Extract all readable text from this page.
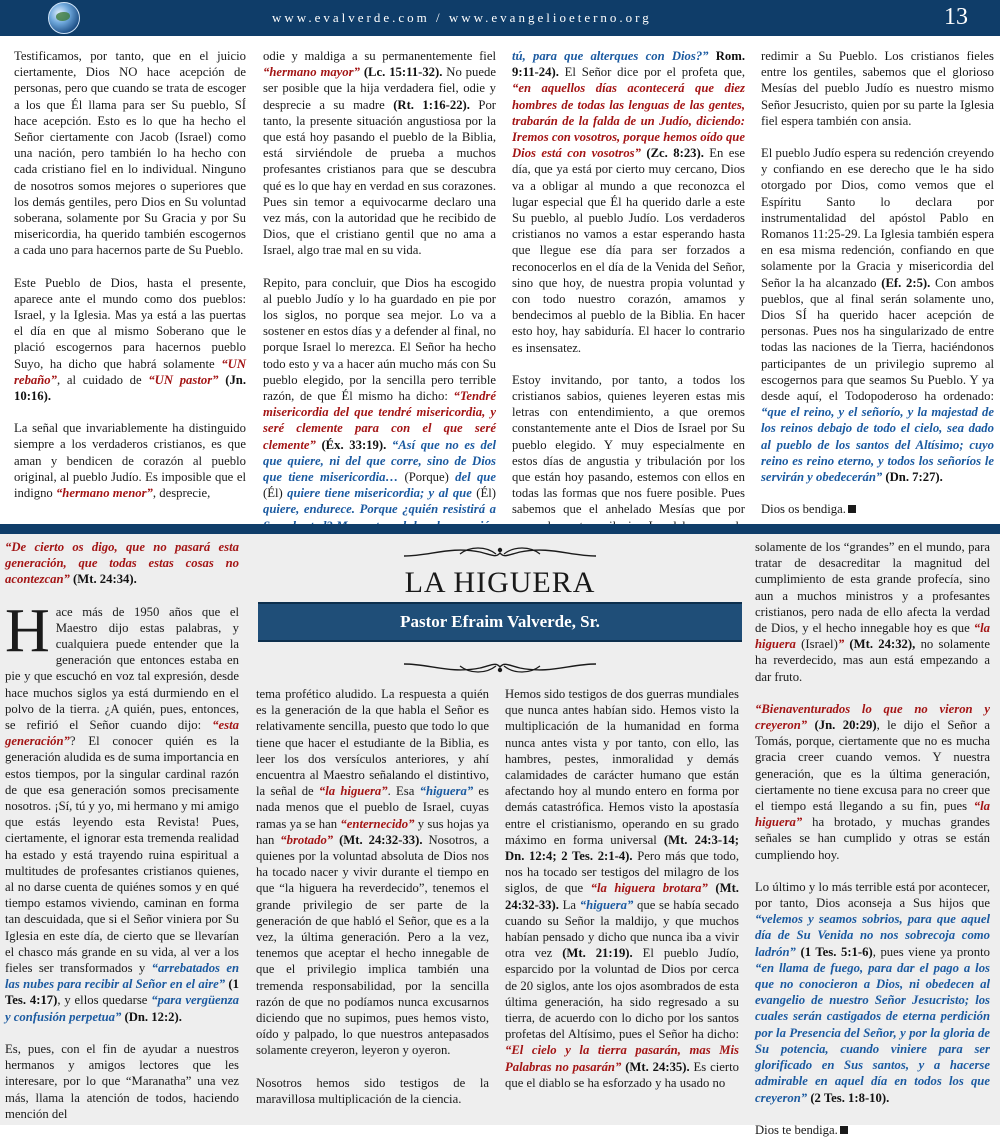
www.evalverde.com / www.evangelioeterno.org	13

Testificamos, por tanto, que en el juicio ciertamente, Dios NO hace acepción de personas, pero que cuando se trata de escoger a los que Él llama para ser Su pueblo, SÍ hace acepción. Esto es lo que ha hecho el Señor ciertamente con Jacob (Israel) como una nación, pero también lo ha hecho con cada cristiano fiel en lo individual. Ninguno de nosotros somos mejores o superiores que los demás gentiles, pero Dios en Su voluntad soberana, solamente por Su Gracia y por Su misericordia, ha querido también escogernos a cada uno para hacernos parte de Su Pueblo.

Este Pueblo de Dios, hasta el presente, aparece ante el mundo como dos pueblos: Israel, y la Iglesia. Mas ya está a las puertas el día en que al mismo Soberano que le plació escogernos para hacernos pueblo Suyo, ha dicho que habrá solamente “UN rebaño”, al cuidado de “UN pastor” (Jn. 10:16).

La señal que invariablemente ha distinguido siempre a los verdaderos cristianos, es que aman y bendicen de corazón al pueblo original, al pueblo Judío. Es imposible que el indigno “hermano menor”, desprecie,

odie y maldiga a su permanentemente fiel “hermano mayor” (Lc. 15:11-32). No puede ser posible que la hija verdadera fiel, odie y desprecie a su madre (Rt. 1:16-22). Por tanto, la presente situación angustiosa por la que está hoy pasando el pueblo de la Biblia, está sirviéndole de prueba a muchos profesantes cristianos para que se descubra qué es lo que hay en verdad en sus corazones. Pues sin temor a equivocarme declaro una vez más, con la autoridad que he recibido de Dios, que el cristiano gentil que no ama a Israel, algo trae mal en su vida.

Repito, para concluir, que Dios ha escogido al pueblo Judío y lo ha guardado en pie por los siglos, no porque sea mejor. Lo va a sostener en estos días y a defender al final, no porque Israel lo merezca. El Señor ha hecho todo esto y va a hacer aún mucho más con Su pueblo elegido, por la sencilla pero terrible razón, de que Él mismo ha dicho: “Tendré misericordia del que tendré misericordia, y seré clemente para con el que seré clemente” (Éx. 33:19). “Así que no es del que quiere, ni del que corre, sino de Dios que tiene misericordia… (Porque) del que (Él) quiere tiene misericordia; y al que (Él) quiere, endurece. Porque ¿quién resistirá a

tú, para que alterques con Dios?” Rom. 9:11-24). El Señor dice por el profeta que, “en aquellos días acontecerá que diez hombres de todas las lenguas de las gentes, trabarán de la falda de un Judío, diciendo: Iremos con vosotros, porque hemos oído que Dios está con vosotros” (Zc. 8:23). En ese día, que ya está por cierto muy cercano, Dios va a obligar al mundo a que reconozca el lugar especial que Él ha querido darle a este Su pueblo, al pueblo Judío. Los verdaderos cristianos no vamos a estar esperando hasta que llegue ese día para ser forzados a reconocerlos en el día de la Venida del Señor, sino que hoy, de nuestra propia voluntad y con todo nuestro corazón, amamos y bendecimos al pueblo de la Biblia. En hacer esto hoy, hay sabiduría. El hacer lo contrario es insensatez.

Estoy invitando, por tanto, a todos los cristianos sabios, quienes leyeren estas mis letras con entendimiento, a que oremos constantemente ante el Dios de Israel por Su pueblo elegido. Y muy especialmente en estos días de angustia y tribulación por los que están hoy pasando, estemos con ellos en todas las formas que nos fuere posible. Pues sabemos que el anhelado Mesías que por

redimir a Su Pueblo. Los cristianos fieles entre los gentiles, sabemos que el glorioso Mesías del pueblo Judío es nuestro mismo Señor Jesucristo, quien por su parte la Iglesia fiel espera también con ansia.

El pueblo Judío espera su redención creyendo y confiando en ese derecho que le ha sido otorgado por Dios, como vemos que el Espíritu Santo lo declara por instrumentalidad del apóstol Pablo en Romanos 11:25-29. La Iglesia también espera en esa misma redención, confiando en que solamente por la Gracia y misericordia del Señor la ha alcanzado (Ef. 2:5). Con ambos pueblos, que al final serán solamente uno, Dios SÍ ha querido hacer acepción de personas. Pues nos ha singularizado de entre todas las naciones de la Tierra, haciéndonos participantes de un privilegio supremo al escogernos para que seamos Su Pueblo. Y ya desde aquí, el Todopoderoso ha ordenado: “que el reino, y el señorío, y la majestad de los reinos debajo de todo el cielo, sea dado al pueblo de los santos del Altísimo; cuyo reino es reino eterno, y todos los señoríos le servirán y obedecerán” (Dn. 7:27).

Dios os bendiga.

LA HIGUERA
Pastor Efraim Valverde, Sr.

“De cierto os digo, que no pasará esta generación, que todas estas cosas no acontezcan” (Mt. 24:34).

Hace más de 1950 años que el Maestro dijo estas palabras, y cualquiera puede entender que la generación que entonces estaba en pie y que escuchó en voz tal expresión, desde hace muchos siglos ya está durmiendo en el polvo de la tierra. ¿A quién, pues, entonces, se refirió el Señor cuando dijo: “esta generación”? El conocer quién es la generación aludida es de suma importancia en estos tiempos, por la singular cardinal razón de que esa generación somos precisamente nosotros. ¡Sí, tú y yo, mi hermano y mi amigo que estás leyendo esta Revista! Pues, ciertamente, el ignorar esta tremenda realidad ha estado y está trayendo ruina espiritual a multitudes de profesantes cristianos quienes, al no darse cuenta de quiénes somos y en qué tiempo estamos viviendo, caminan en forma tan descuidada, que si el Señor viniera por Su Iglesia en este día, de cierto que se llevarían el chasco más grande en su vida, al ver a los fieles ser transformados y “arrebatados en las nubes para recibir al Señor en el aire” (1 Tes. 4:17), y ellos quedarse “para vergüenza y confusión perpetua” (Dn. 12:2).

Es, pues, con el fin de ayudar a nuestros hermanos y amigos lectores que les interesare, por lo que “Maranatha” una vez más, llama la atención de todos, haciendo mención del

tema profético aludido. La respuesta a quién es la generación de la que habla el Señor es relativamente sencilla, puesto que todo lo que tiene que hacer el estudiante de la Biblia, es leer los dos versículos anteriores, y ahí encuentra al Maestro señalando el distintivo, la señal de “la higuera”. Esa “higuera” es nada menos que el pueblo de Israel, cuyas ramas ya se han “enternecido” y sus hojas ya han “brotado” (Mt. 24:32-33). Nosotros, a quienes por la voluntad absoluta de Dios nos ha tocado nacer y vivir durante el tiempo en que “la higuera ha reverdecido”, tenemos el grande privilegio de ser parte de la generación de que habló el Señor, que es a la vez, la última generación. Pero a la vez, tenemos que aceptar el hecho innegable de que el privilegio implica también una tremenda responsabilidad, por la sencilla razón de que no podíamos nunca excusarnos diciendo que no supimos, pues hemos visto, oído y palpado, lo que nuestros antepasados solamente creyeron, leyeron y oyeron.

Nosotros hemos sido testigos de la maravillosa multiplicación de la ciencia.

Hemos sido testigos de dos guerras mundiales que nunca antes habían sido. Hemos visto la multiplicación de la humanidad en forma nunca antes vista y por tanto, con ello, las hambres, pestes, inmoralidad y demás calamidades de carácter humano que están afectando hoy al mundo entero en forma por demás catastrófica. Hemos visto la apostasía entre el cristianismo, operando en su grado máximo en forma universal (Mt. 24:3-14; Dn. 12:4; 2 Tes. 2:1-4). Pero más que todo, nos ha tocado ser testigos del milagro de los siglos, de que “la higuera brotara” (Mt. 24:32-33). La “higuera” que se había secado cuando su Señor la maldijo, y que muchos habían pensado y dicho que nunca iba a vivir otra vez (Mt. 21:19). El pueblo Judío, esparcido por la voluntad de Dios por cerca de 20 siglos, ante los ojos asombrados de esta última generación, ha sido regresado a su tierra, de acuerdo con lo dicho por los santos profetas del Altísimo, pues el Señor ha dicho: “El cielo y la tierra pasarán, mas Mis Palabras no pasarán” (Mt. 24:35). Es cierto que el diablo se ha esforzado y ha usado no

solamente de los “grandes” en el mundo, para tratar de desacreditar la magnitud del cumplimiento de esta grande profecía, sino aun a muchos ministros y a profesantes cristianos, pero nada de ello afecta la verdad de Dios, y el hecho innegable hoy es que “la higuera (Israel)” (Mt. 24:32), no solamente ha reverdecido, mas aun está empezando a dar fruto.

“Bienaventurados lo que no vieron y creyeron” (Jn. 20:29), le dijo el Señor a Tomás, porque, ciertamente que no es mucha gracia creer cuando vemos. Y nuestra generación, que es la última generación, ciertamente no tiene excusa para no creer que el tiempo está llegando a su fin, pues “la higuera” ha brotado, y muchas grandes señales se han cumplido y otras se están cumpliendo hoy.

Lo último y lo más terrible está por acontecer, por tanto, Dios aconseja a Sus hijos que “velemos y seamos sobrios, para que aquel día de Su Venida no nos sobrecoja como ladrón” (1 Tes. 5:1-6), pues viene ya pronto “en llama de fuego, para dar el pago a los que no conocieron a Dios, ni obedecen al evangelio de nuestro Señor Jesucristo; los cuales serán castigados de eterna perdición por la Presencia del Señor, y por la gloria de Su potencia, cuando viniere para ser glorificado en Sus santos, y a hacerse admirable en aquel día en todos los que creyeron” (2 Tes. 1:8-10).

Dios te bendiga.
